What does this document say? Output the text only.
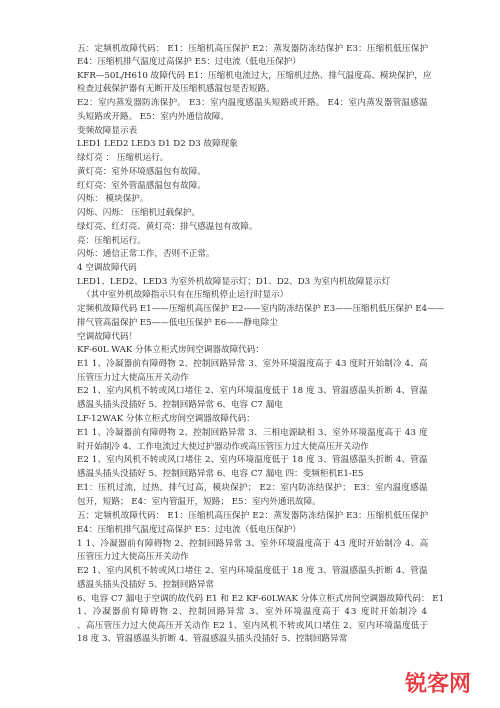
五：定频机故障代码： E1：压缩机高压保护 E2：蒸发器防冻结保护 E3：压缩机低压保护
E4：压缩机排气温度过高保护 E5：过电流（低电压保护）
KFR—50L/H610 故障代码 E1：压缩机电流过大，压缩机过热、排气温度高、模块保护，应
检查过载保护器有无断开及压缩机感温包是否短路。
E2：室内蒸发器防冻保护。 E3：室内温度感温头短路或开路。 E4：室内蒸发器管温感温
头短路或开路。 E5：室内外通信故障。
变频故障显示表
LED1 LED2 LED3 D1 D2 D3 故障现象
绿灯亮 ： 压缩机运行。
黄灯亮：室外环境感温包有故障。
红灯亮：室外管温感温包有故障。
闪烁： 模块保护。
闪烁、闪烁： 压缩机过载保护。
绿灯亮、红灯亮、黄灯亮：排气感温包有故障。
亮：压缩机运行。
闪烁：通信正常工作，否则不正常。
4 空调故障代码
LED1、LED2、LED3 为室外机故障显示灯；D1、D2、D3 为室内机故障显示灯
（其中室外机故障指示只有在压缩机停止运行时显示）
定频机故障代码 E1——压缩机高压保护 E2——室内防冻结保护 E3——压缩机低压保护 E4——
排气管高温保护 E5——低电压保护 E6——静电除尘
空调故障代码！
KF-60L WAK 分体立柜式房间空调器故障代码：
E1 1、冷凝器前有障碍物 2、控制回路异常 3、室外环境温度高于 43 度时开始制冷 4、高
压管压力过大使高压开关动作
E2 1、室内风机不转或风口堵住 2、室内环境温度低于 18 度 3、管温感温头折断 4、管温
感温头插头没插好 5、控制回路异常 6、电容 C7 漏电
LF-12WAK 分体立柜式房间空调器故障代码：
E1 1、冷凝器前有障碍物 2、控制回路异常 3、三相电源缺相 3、室外环境温度高于 43 度
时开始制冷 4、工作电流过大使过护器动作或高压管压力过大使高压开关动作
E2 1、室内风机不转或风口堵住 2、室内环境温度低于 18 度 3、管温感温头折断 4、管温
感温头插头没插好 5、控制回路异常 6、电容 C7 漏电 四：变频柜机E1-E5
E1：压机过流，过热，排气过高，模块保护； E2：室内防冻结保护； E3：室内温度感温
包开，短路； E4：室内管温开，短路； E5：室内外通讯故障。
五：定频机故障代码： E1：压缩机高压保护 E2：蒸发器防冻结保护 E3：压缩机低压保护
E4：压缩机排气温度过高保护 E5：过电流（低电压保护）
1 1、冷凝器前有障碍物 2、控制回路异常 3、室外环境温度高于 43 度时开始制冷 4、高
压管压力过大使高压开关动作
E2 1、室内风机不转或风口堵住 2、室内环境温度低于 18 度 3、管温感温头折断 4、管温
感温头插头没插好 5、控制回路异常
6、电容 C7 漏电于空调的故代码 E1 和 E2 KF-60LWAK 分体立柜式房间空调器故障代码： E1
1、冷凝器前有障碍物 2、控制回路异常 3、室外环境温度高于 43 度时开始制冷 4
、高压管压力过大使高压开关动作 E2 1、室内风机不转或风口堵住 2、室内环境温度低于
18 度 3、管温感温头折断 4、管温感温头插头没插好 5、控制回路异常
锐客网
